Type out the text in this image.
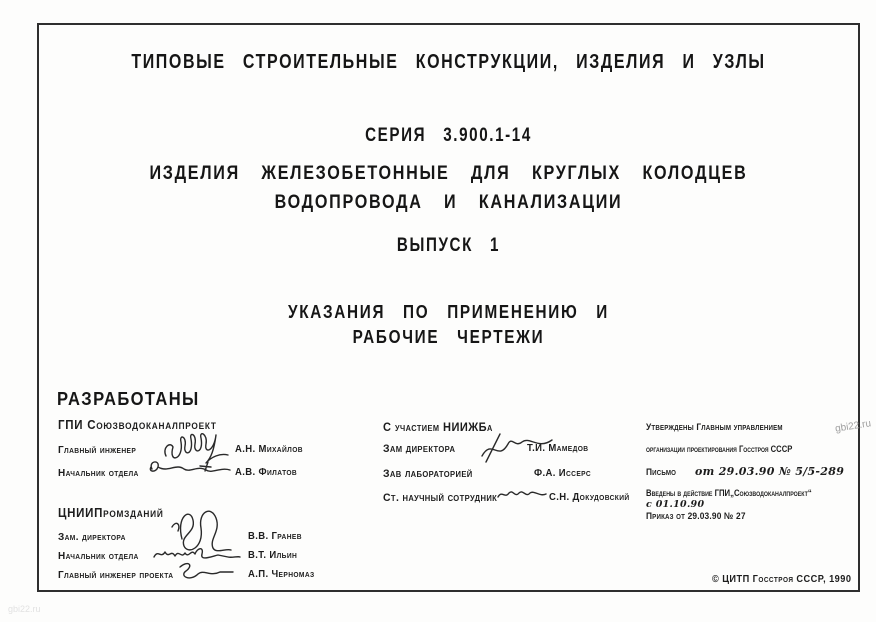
ТИПОВЫЕ СТРОИТЕЛЬНЫЕ КОНСТРУКЦИИ, ИЗДЕЛИЯ И УЗЛЫ
СЕРИЯ 3.900.1-14
ИЗДЕЛИЯ ЖЕЛЕЗОБЕТОННЫЕ ДЛЯ КРУГЛЫХ КОЛОДЦЕВ
ВОДОПРОВОДА И КАНАЛИЗАЦИИ
ВЫПУСК 1
УКАЗАНИЯ ПО ПРИМЕНЕНИЮ И
РАБОЧИЕ ЧЕРТЕЖИ
РАЗРАБОТАНЫ
ГПИ Союзводоканалпроект
Главный инженер	А.Н. Михайлов
Начальник отдела	А.В. Филатов
ЦНИИПромзданий
Зам. директора	В.В. Гранев
Начальник отдела	В.Т. Ильин
Главный инженер проекта	А.П. Черномаз
С участием НИИЖБа
Зам директора	Т.И. Мамедов
Зав лабораторией	Ф.А. Иссерс
Ст. научный сотрудник	С.Н. Докудовский
Утверждены Главным управлением
организации проектирования Госстроя СССР
Письмо от 29.03.90 № 5/5-289
Введены в действие ГПИ„Союзводоканалпроект“
с 01.10.90
Приказ от 29.03.90 № 27
© ЦИТП Госстроя СССР, 1990
gbi22.ru
gbi22.ru
